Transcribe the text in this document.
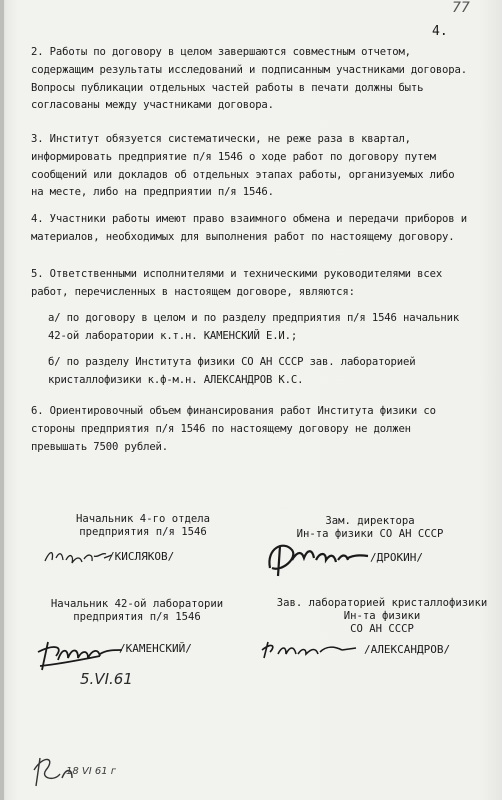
77
4.
2. Работы по договору в целом завершаются совместным отчетом, содержащим результаты исследований и подписанным участниками договора. Вопросы публикации отдельных частей работы в печати должны быть согласованы между участниками договора.
3. Институт обязуется систематически, не реже раза в квартал, информировать предприятие п/я 1546 о ходе работ по договору путем сообщений или докладов об отдельных этапах работы, организуемых либо на месте, либо на предприятии п/я 1546.
4. Участники работы имеют право взаимного обмена и передачи приборов и материалов, необходимых для выполнения работ по настоящему договору.
5. Ответственными исполнителями и техническими руководителями всех работ, перечисленных в настоящем договоре, являются:
а/ по договору в целом и по разделу предприятия п/я 1546 начальник 42-ой лаборатории к.т.н. КАМЕНСКИЙ Е.И.;
б/ по разделу Института физики СО АН СССР зав. лабораторией кристаллофизики к.ф-м.н. АЛЕКСАНДРОВ К.С.
6. Ориентировочный объем финансирования работ Института физики со стороны предприятия п/я 1546 по настоящему договору не должен превышать 7500 рублей.
Начальник 4-го отдела
предприятия п/я 1546
Зам. директора
Ин-та физики СО АН СССР
/КИСЛЯКОВ/	/ДРОКИН/
Начальник 42-ой лаборатории
предприятия п/я 1546
Зав. лабораторией кристаллофизики Ин-та физики
СО АН СССР
/КАМЕНСКИЙ/	/АЛЕКСАНДРОВ/
5.VI.61
18 VI 61 г
